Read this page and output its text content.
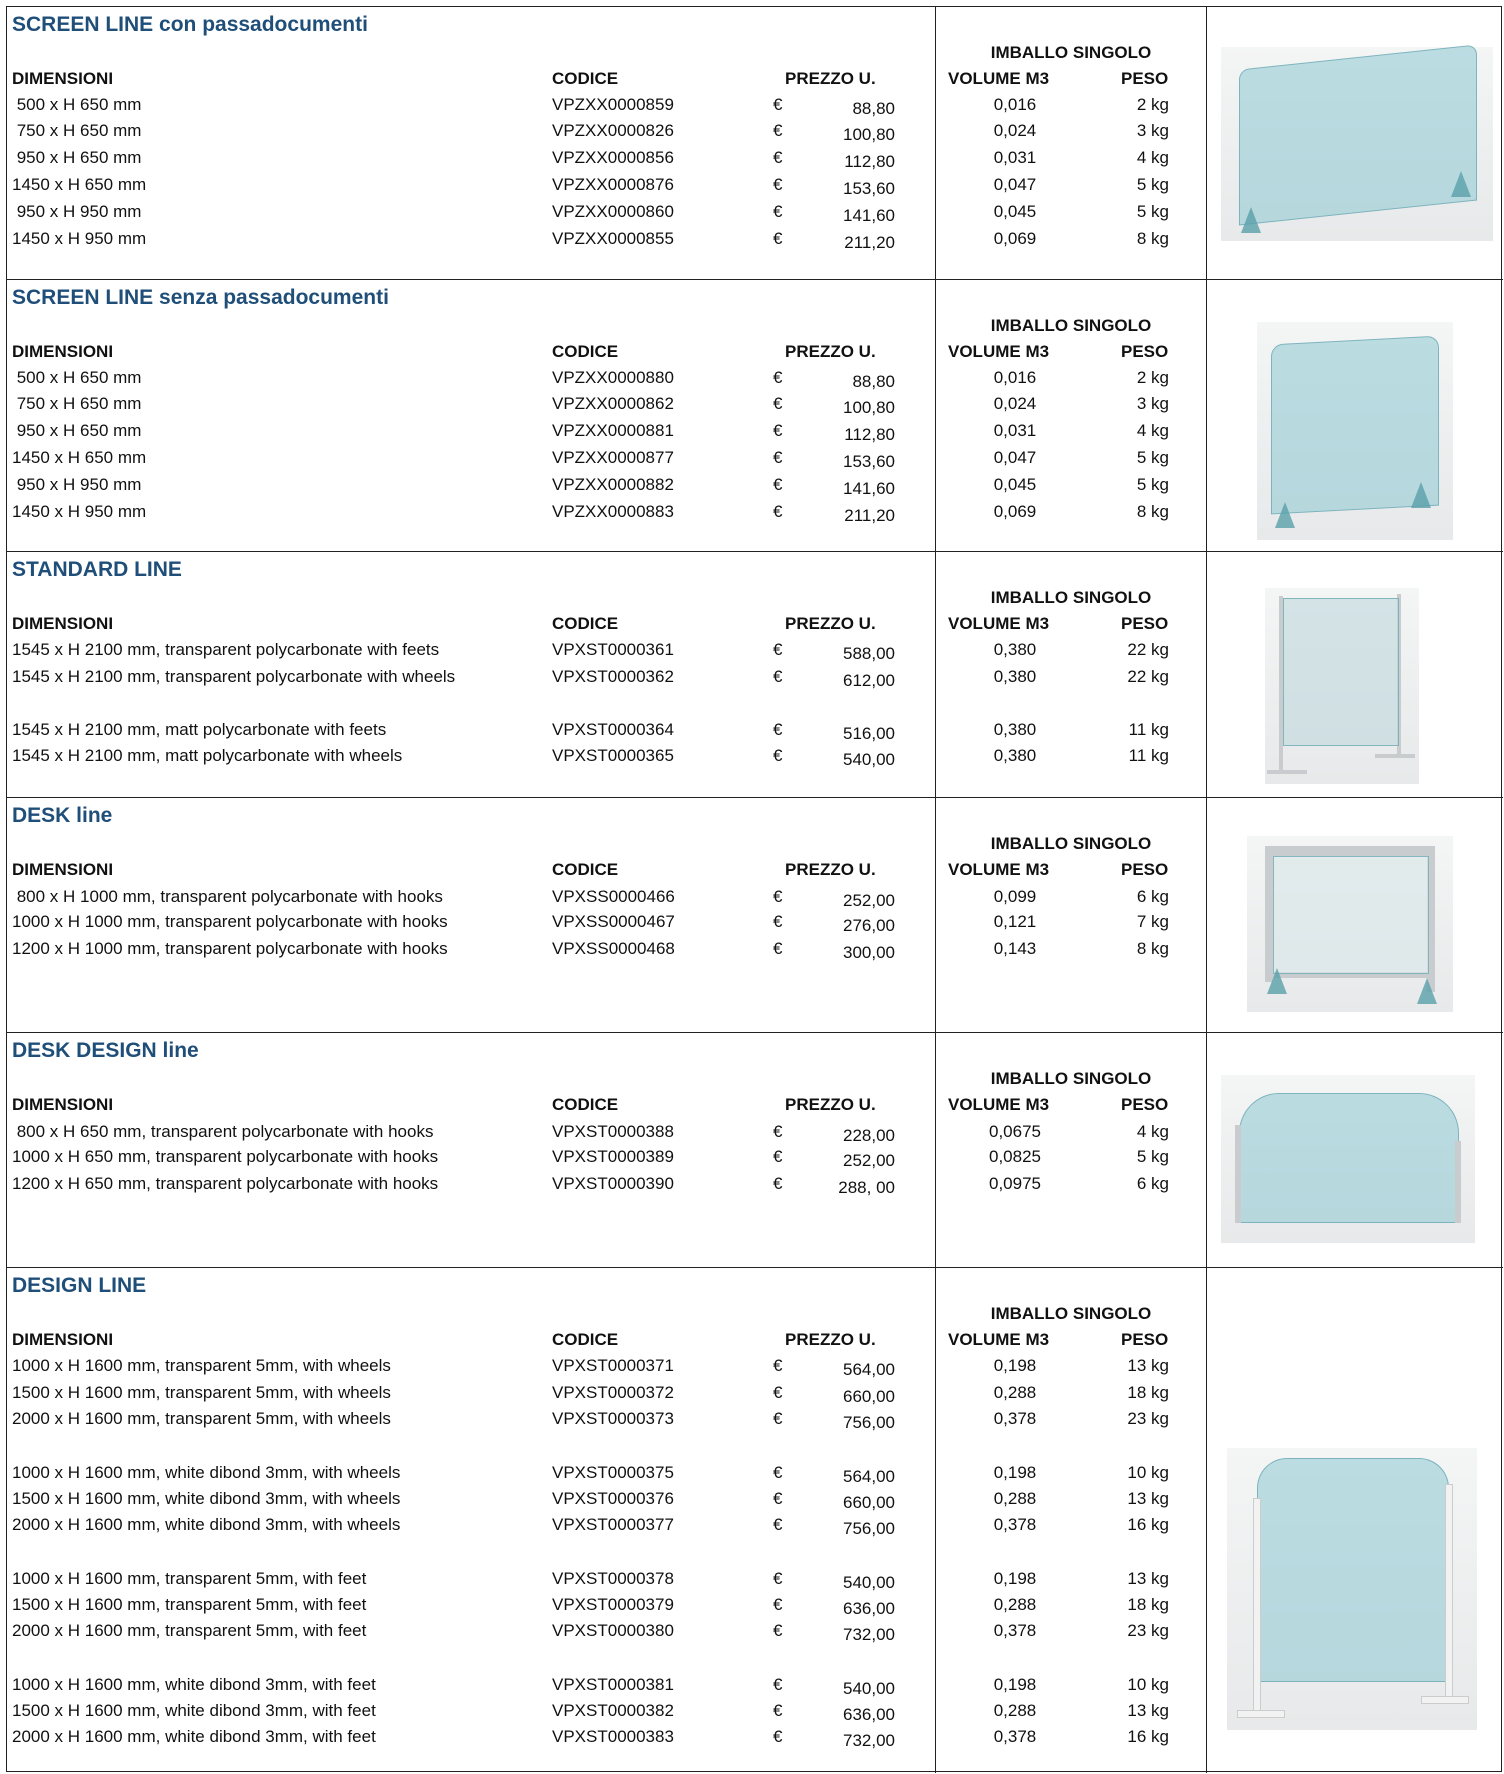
SCREEN LINE con passadocumenti
DIMENSIONI	CODICE	PREZZO U.
IMBALLO SINGOLO
VOLUME M3	PESO
500 x H 650 mm	VPZXX0000859	€	88,80	0,016	2 kg
750 x H 650 mm	VPZXX0000826	€	100,80	0,024	3 kg
950 x H 650 mm	VPZXX0000856	€	112,80	0,031	4 kg
1450 x H 650 mm	VPZXX0000876	€	153,60	0,047	5 kg
950 x H 950 mm	VPZXX0000860	€	141,60	0,045	5 kg
1450 x H 950 mm	VPZXX0000855	€	211,20	0,069	8 kg
SCREEN LINE senza passadocumenti
DIMENSIONI	CODICE	PREZZO U.
IMBALLO SINGOLO
VOLUME M3	PESO
500 x H 650 mm	VPZXX0000880	€	88,80	0,016	2 kg
750 x H 650 mm	VPZXX0000862	€	100,80	0,024	3 kg
950 x H 650 mm	VPZXX0000881	€	112,80	0,031	4 kg
1450 x H 650 mm	VPZXX0000877	€	153,60	0,047	5 kg
950 x H 950 mm	VPZXX0000882	€	141,60	0,045	5 kg
1450 x H 950 mm	VPZXX0000883	€	211,20	0,069	8 kg
STANDARD LINE
DIMENSIONI	CODICE	PREZZO U.
IMBALLO SINGOLO
VOLUME M3	PESO
1545 x H 2100 mm, transparent polycarbonate with feets	VPXST0000361	€	588,00	0,380	22 kg
1545 x H 2100 mm, transparent polycarbonate with wheels	VPXST0000362	€	612,00	0,380	22 kg
1545 x H 2100 mm, matt polycarbonate with feets	VPXST0000364	€	516,00	0,380	11 kg
1545 x H 2100 mm, matt polycarbonate with wheels	VPXST0000365	€	540,00	0,380	11 kg
DESK line
DIMENSIONI	CODICE	PREZZO U.
IMBALLO SINGOLO
VOLUME M3	PESO
800 x H 1000 mm, transparent polycarbonate with hooks	VPXSS0000466	€	252,00	0,099	6 kg
1000 x H 1000 mm, transparent polycarbonate with hooks	VPXSS0000467	€	276,00	0,121	7 kg
1200 x H 1000 mm, transparent polycarbonate with hooks	VPXSS0000468	€	300,00	0,143	8 kg
DESK DESIGN line
DIMENSIONI	CODICE	PREZZO U.
IMBALLO SINGOLO
VOLUME M3	PESO
800 x H 650 mm, transparent polycarbonate with hooks	VPXST0000388	€	228,00	0,0675	4 kg
1000 x H 650 mm, transparent polycarbonate with hooks	VPXST0000389	€	252,00	0,0825	5 kg
1200 x H 650 mm, transparent polycarbonate with hooks	VPXST0000390	€	288, 00	0,0975	6 kg
DESIGN LINE
DIMENSIONI	CODICE	PREZZO U.
IMBALLO SINGOLO
VOLUME M3	PESO
1000 x H 1600 mm, transparent 5mm, with wheels	VPXST0000371	€	564,00	0,198	13 kg
1500 x H 1600 mm, transparent 5mm, with wheels	VPXST0000372	€	660,00	0,288	18 kg
2000 x H 1600 mm, transparent 5mm, with wheels	VPXST0000373	€	756,00	0,378	23 kg
1000 x H 1600 mm, white dibond 3mm, with wheels	VPXST0000375	€	564,00	0,198	10 kg
1500 x H 1600 mm, white dibond 3mm, with wheels	VPXST0000376	€	660,00	0,288	13 kg
2000 x H 1600 mm, white dibond 3mm, with wheels	VPXST0000377	€	756,00	0,378	16 kg
1000 x H 1600 mm, transparent 5mm, with feet	VPXST0000378	€	540,00	0,198	13 kg
1500 x H 1600 mm, transparent 5mm, with feet	VPXST0000379	€	636,00	0,288	18 kg
2000 x H 1600 mm, transparent 5mm, with feet	VPXST0000380	€	732,00	0,378	23 kg
1000 x H 1600 mm, white dibond 3mm, with feet	VPXST0000381	€	540,00	0,198	10 kg
1500 x H 1600 mm, white dibond 3mm, with feet	VPXST0000382	€	636,00	0,288	13 kg
2000 x H 1600 mm, white dibond 3mm, with feet	VPXST0000383	€	732,00	0,378	16 kg
